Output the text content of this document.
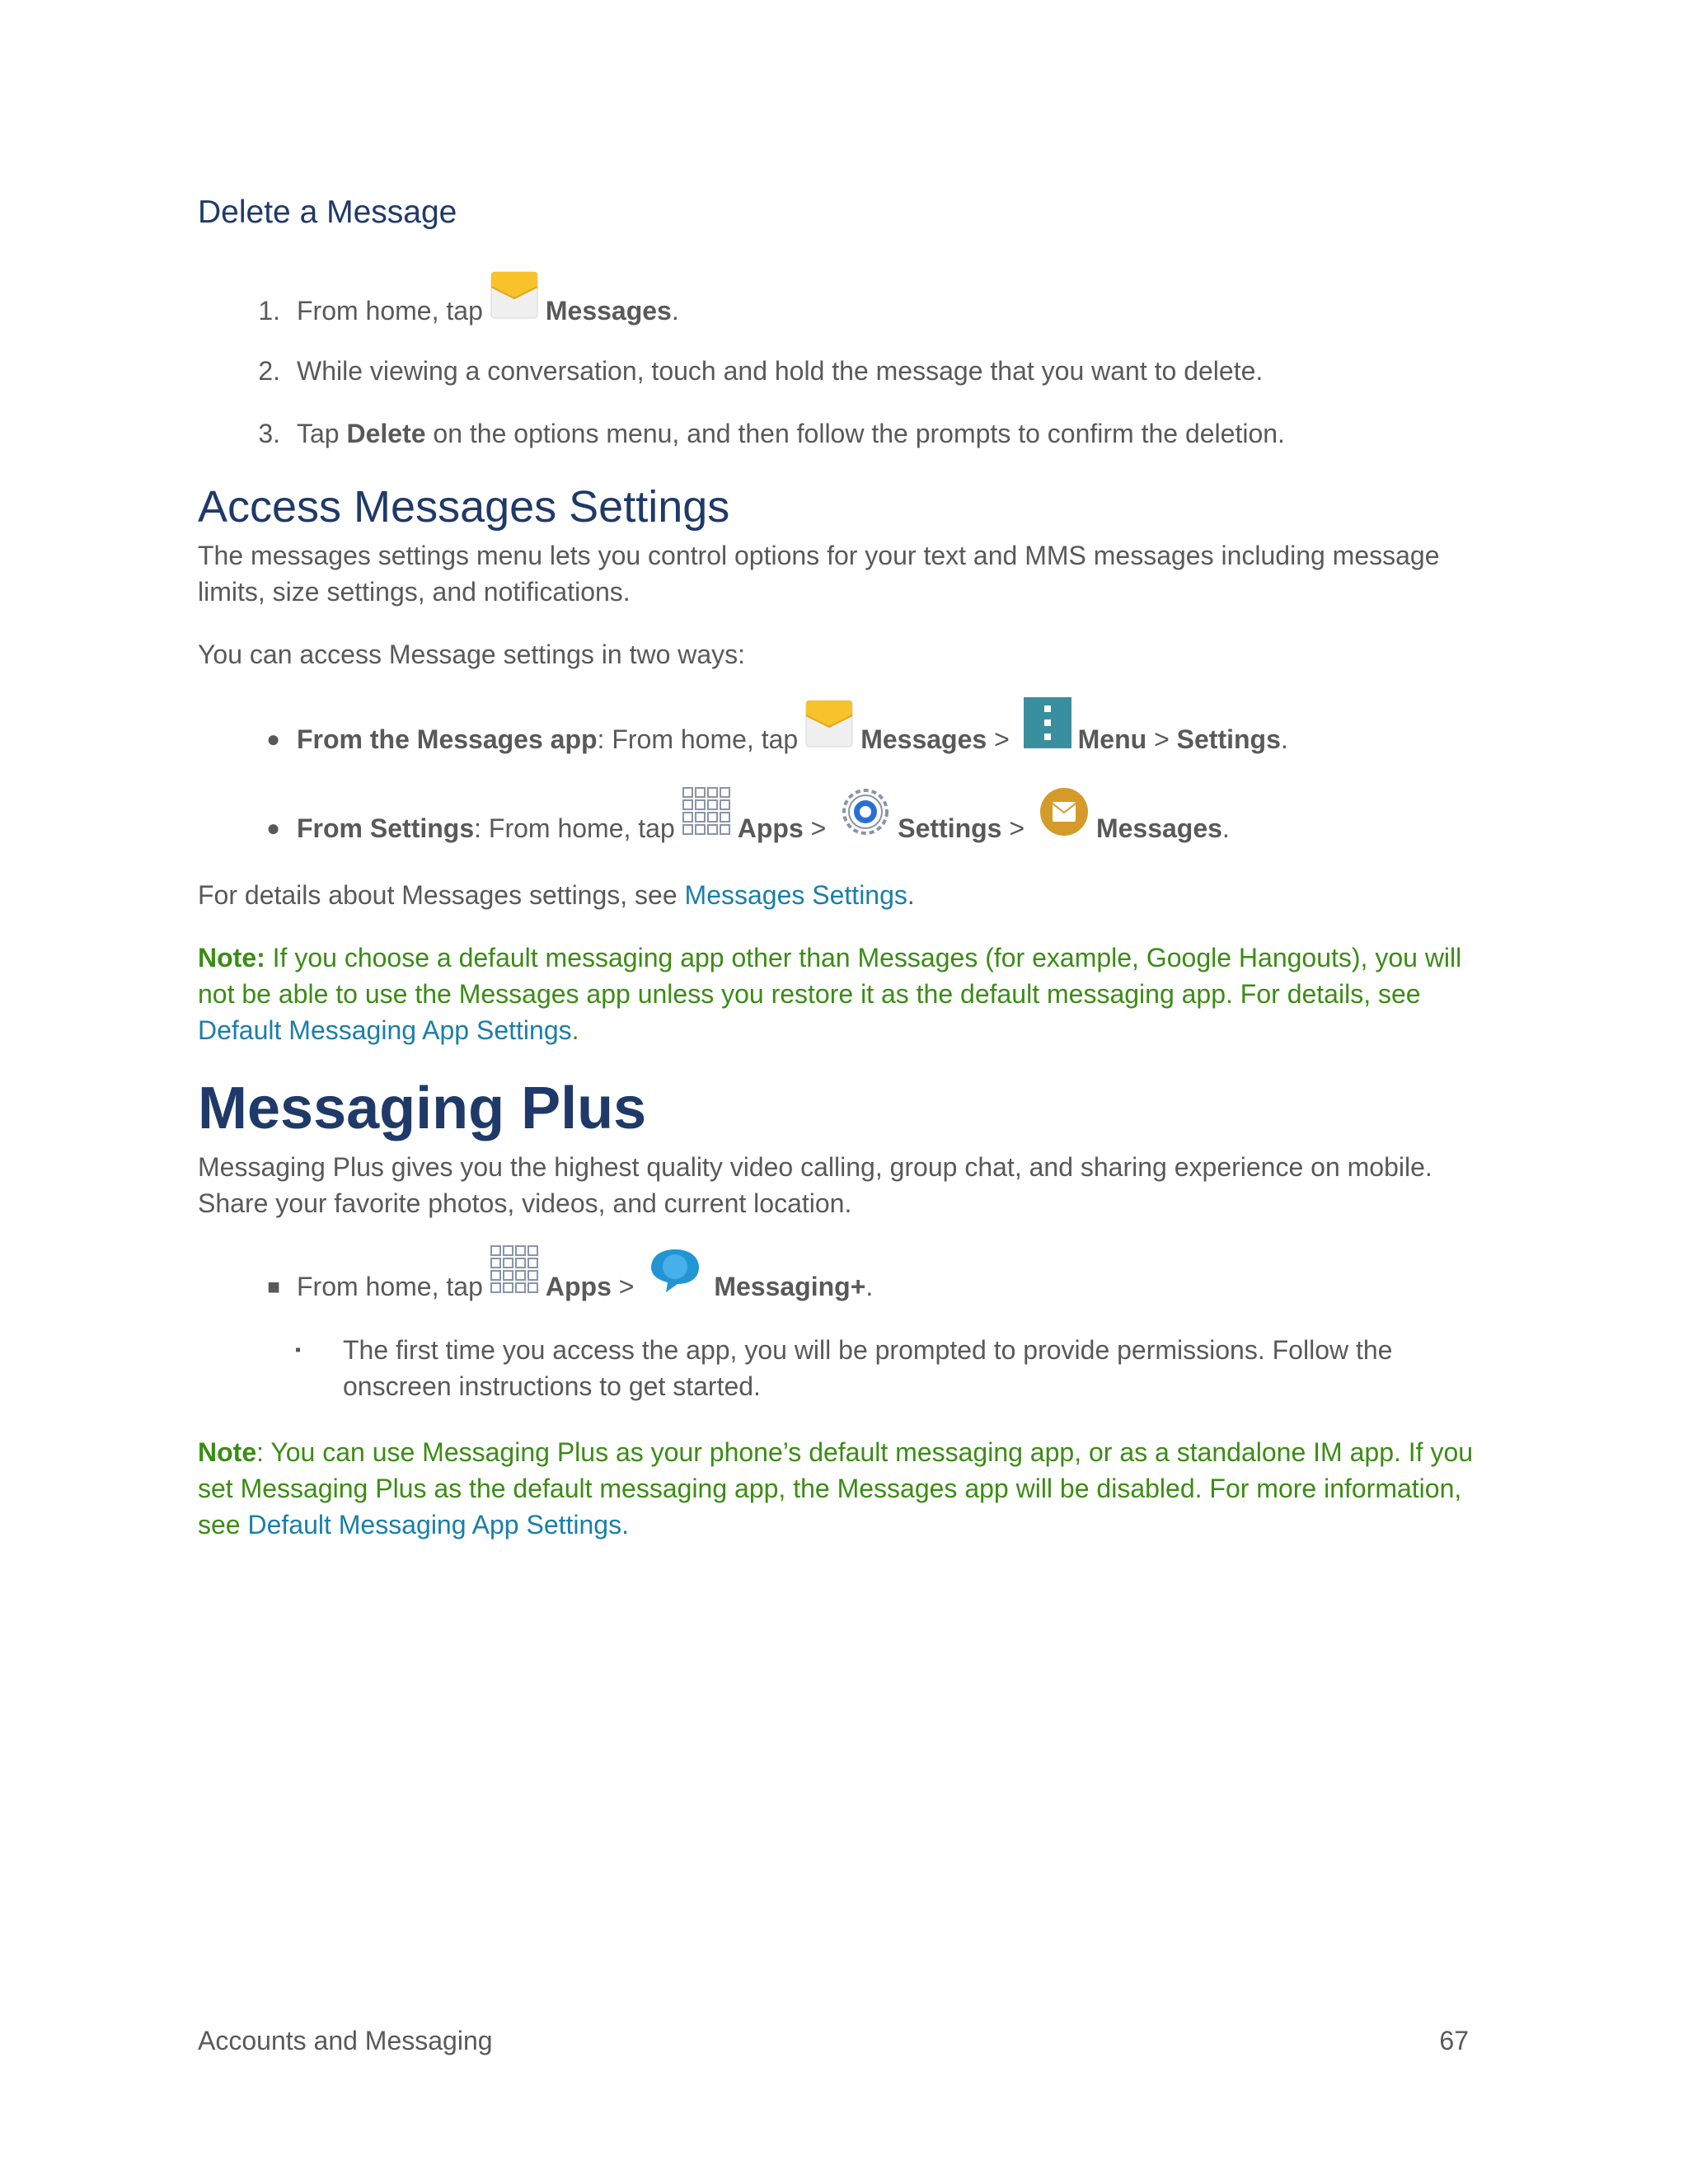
Delete a Message
1. From home, tap Messages .
2. While viewing a conversation, touch and hold the message that you want to delete.
3. Tap Delete on the options menu, and then follow the prompts to confirm the deletion.
Access Messages Settings

The messages settings menu lets you control options for your text and MMS messages including message limits, size settings, and notifications.

You can access Message settings in two ways:

● From the Messages app : From home, tap Messages > Menu > Settings .
● From Settings : From home, tap Apps > Settings > Messages .

For details about Messages settings, see Messages Settings.

Note: If you choose a default messaging app other than Messages (for example, Google Hangouts), you will not be able to use the Messages app unless you restore it as the default messaging app. For details, see Default Messaging App Settings.

Messaging Plus

Messaging Plus gives you the highest quality video calling, group chat, and sharing experience on mobile. Share your favorite photos, videos, and current location.

■ From home, tap Apps >	Messaging+ .
▪ The first time you access the app, you will be prompted to provide permissions. Follow the onscreen instructions to get started.

Note: You can use Messaging Plus as your phone’s default messaging app, or as a standalone IM app. If you set Messaging Plus as the default messaging app, the Messages app will be disabled. For more information, see Default Messaging App Settings.

Accounts and Messaging	67
